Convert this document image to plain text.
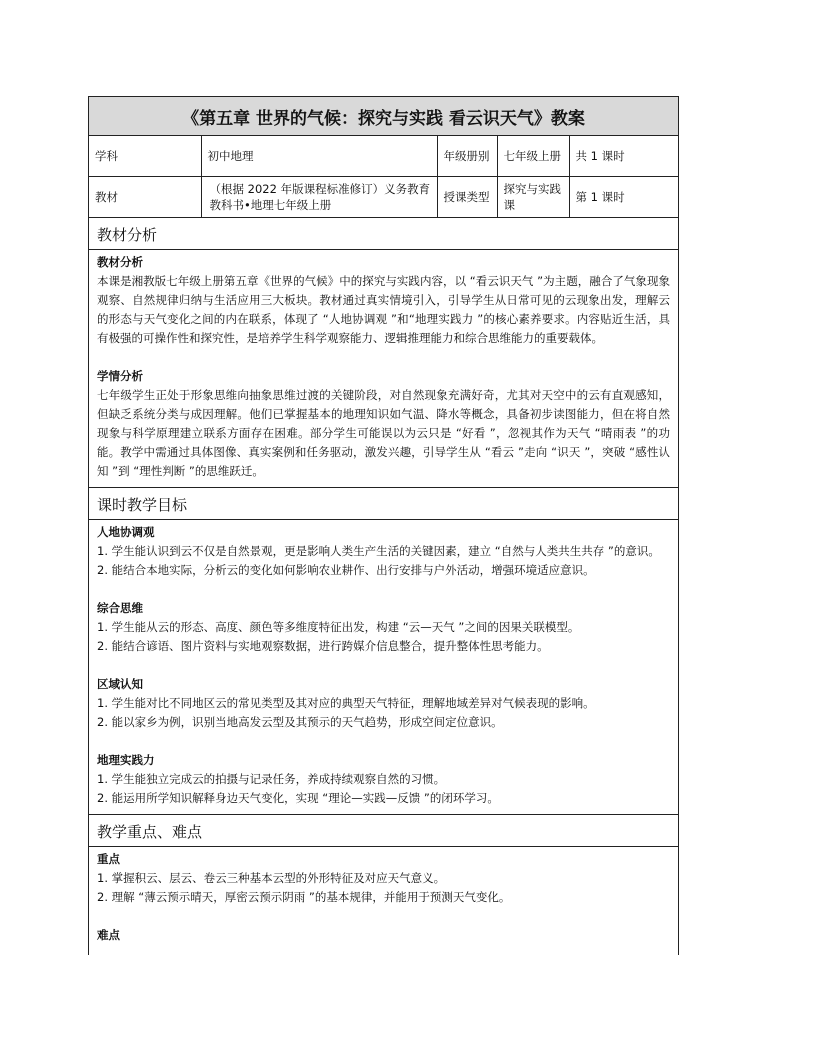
《第五章 世界的气候：探究与实践 看云识天气》教案
学科	初中地理	年级册别	七年级上册	共 1 课时
教材	（根据 2022 年版课程标准修订）义务教育教科书•地理七年级上册	授课类型	探究与实践课	第 1 课时
教材分析
教材分析
本课是湘教版七年级上册第五章《世界的气候》中的探究与实践内容，以 “看云识天气 ”为主题，融合了气象现象观察、自然规律归纳与生活应用三大板块。教材通过真实情境引入，引导学生从日常可见的云现象出发，理解云的形态与天气变化之间的内在联系，体现了 “人地协调观 ”和“地理实践力 ”的核心素养要求。内容贴近生活，具有极强的可操作性和探究性，是培养学生科学观察能力、逻辑推理能力和综合思维能力的重要载体。
学情分析
七年级学生正处于形象思维向抽象思维过渡的关键阶段，对自然现象充满好奇，尤其对天空中的云有直观感知，但缺乏系统分类与成因理解。他们已掌握基本的地理知识如气温、降水等概念，具备初步读图能力，但在将自然现象与科学原理建立联系方面存在困难。部分学生可能误以为云只是 “好看 ”，忽视其作为天气 “晴雨表 ”的功能。教学中需通过具体图像、真实案例和任务驱动，激发兴趣，引导学生从 “看云 ”走向 “识天 ”，突破 “感性认知 ”到 “理性判断 ”的思维跃迁。
课时教学目标
人地协调观
1. 学生能认识到云不仅是自然景观，更是影响人类生产生活的关键因素，建立 “自然与人类共生共存 ”的意识。
2. 能结合本地实际，分析云的变化如何影响农业耕作、出行安排与户外活动，增强环境适应意识。
综合思维
1. 学生能从云的形态、高度、颜色等多维度特征出发，构建 “云—天气 ”之间的因果关联模型。
2. 能结合谚语、图片资料与实地观察数据，进行跨媒介信息整合，提升整体性思考能力。
区域认知
1. 学生能对比不同地区云的常见类型及其对应的典型天气特征，理解地域差异对气候表现的影响。
2. 能以家乡为例，识别当地高发云型及其预示的天气趋势，形成空间定位意识。
地理实践力
1. 学生能独立完成云的拍摄与记录任务，养成持续观察自然的习惯。
2. 能运用所学知识解释身边天气变化，实现 “理论—实践—反馈 ”的闭环学习。
教学重点、难点
重点
1. 掌握积云、层云、卷云三种基本云型的外形特征及对应天气意义。
2. 理解 “薄云预示晴天，厚密云预示阴雨 ”的基本规律，并能用于预测天气变化。
难点
